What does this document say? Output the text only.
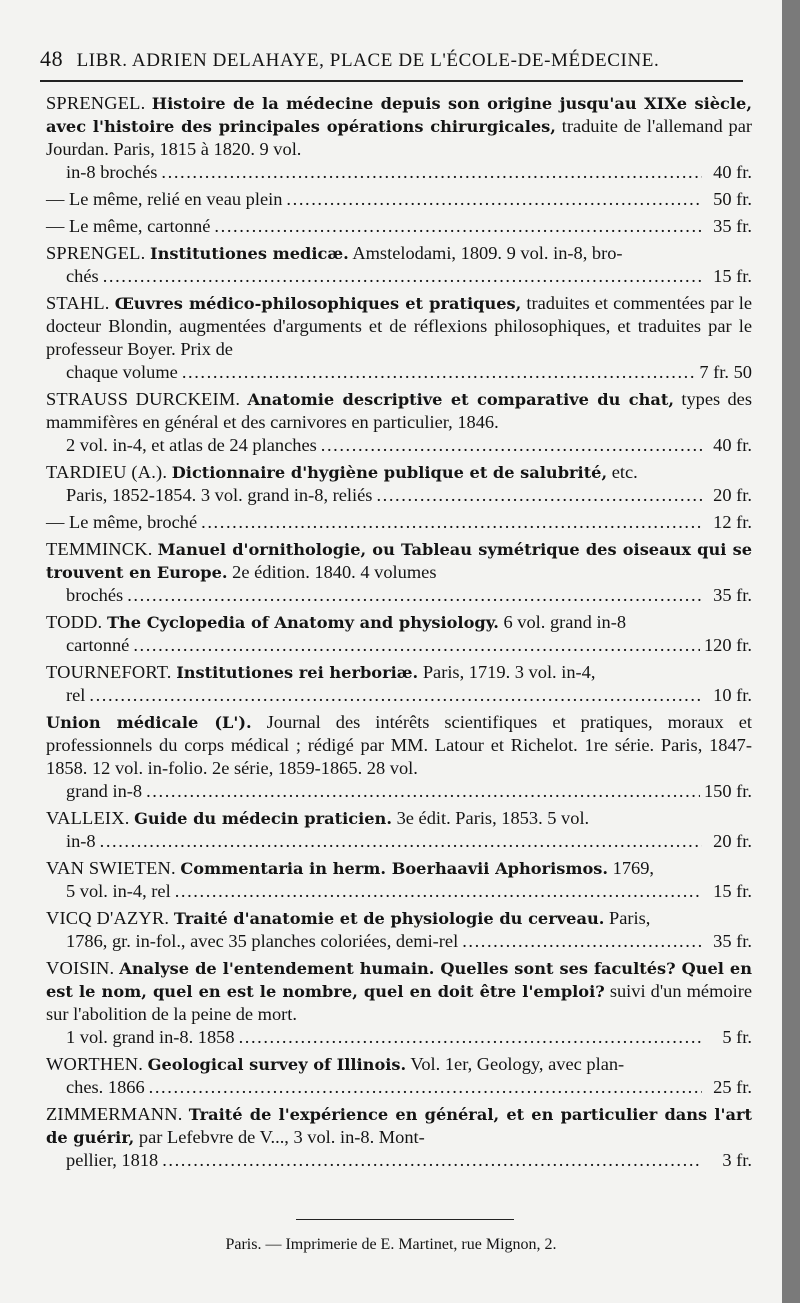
48 LIBR. ADRIEN DELAHAYE, PLACE DE L'ÉCOLE-DE-MÉDECINE.
SPRENGEL. Histoire de la médecine depuis son origine jusqu'au XIXe siècle, avec l'histoire des principales opérations chirurgicales, traduite de l'allemand par Jourdan. Paris, 1815 à 1820. 9 vol.
in-8 brochés . . .	40 fr.
— Le même, relié en veau plein . . .	50 fr.
— Le même, cartonné . . .	35 fr.
SPRENGEL. Institutiones medicæ. Amstelodami, 1809. 9 vol. in-8, bro-
chés . . .	15 fr.
STAHL. Œuvres médico-philosophiques et pratiques, traduites et commentées par le docteur Blondin, augmentées d'arguments et de réflexions philosophiques, et traduites par le professeur Boyer. Prix de
chaque volume . . .	7 fr. 50
STRAUSS DURCKEIM. Anatomie descriptive et comparative du chat, types des mammifères en général et des carnivores en particulier, 1846.
2 vol. in-4, et atlas de 24 planches . . .	40 fr.
TARDIEU (A.). Dictionnaire d'hygiène publique et de salubrité, etc.
Paris, 1852-1854. 3 vol. grand in-8, reliés . . .	20 fr.
— Le même, broché . . .	12 fr.
TEMMINCK. Manuel d'ornithologie, ou Tableau symétrique des oiseaux qui se trouvent en Europe. 2e édition. 1840. 4 volumes
brochés . . .	35 fr.
TODD. The Cyclopedia of Anatomy and physiology. 6 vol. grand in-8
cartonné . . .	120 fr.
TOURNEFORT. Institutiones rei herboriæ. Paris, 1719. 3 vol. in-4,
rel . . .	10 fr.
Union médicale (L'). Journal des intérêts scientifiques et pratiques, moraux et professionnels du corps médical ; rédigé par MM. Latour et Richelot. 1re série. Paris, 1847-1858. 12 vol. in-folio. 2e série, 1859-1865. 28 vol.
grand in-8 . . .	150 fr.
VALLEIX. Guide du médecin praticien. 3e édit. Paris, 1853. 5 vol.
in-8 . . .	20 fr.
VAN SWIETEN. Commentaria in herm. Boerhaavii Aphorismos. 1769,
5 vol. in-4, rel . . .	15 fr.
VICQ D'AZYR. Traité d'anatomie et de physiologie du cerveau. Paris,
1786, gr. in-fol., avec 35 planches coloriées, demi-rel . . .	35 fr.
VOISIN. Analyse de l'entendement humain. Quelles sont ses facultés? Quel en est le nom, quel en est le nombre, quel en doit être l'emploi? suivi d'un mémoire sur l'abolition de la peine de mort.
1 vol. grand in-8. 1858 . . .	5 fr.
WORTHEN. Geological survey of Illinois. Vol. 1er, Geology, avec plan-
ches. 1866 . . .	25 fr.
ZIMMERMANN. Traité de l'expérience en général, et en particulier dans l'art de guérir, par Lefebvre de V..., 3 vol. in-8. Mont-
pellier, 1818 . . .	3 fr.
Paris. — Imprimerie de E. Martinet, rue Mignon, 2.
